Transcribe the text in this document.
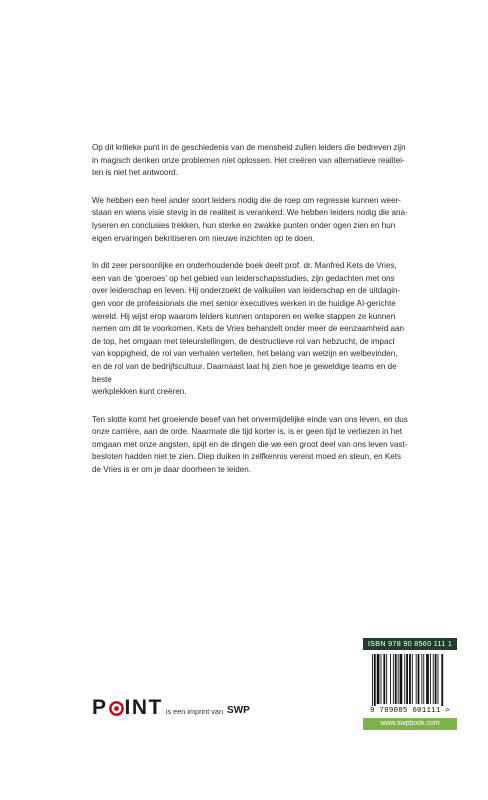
Op dit kritieke punt in de geschiedenis van de mensheid zullen leiders die bedreven zijn
in magisch denken onze problemen niet oplossen. Het creëren van alternatieve realitei-
ten is niet het antwoord.

We hebben een heel ander soort leiders nodig die de roep om regressie kunnen weer-
staan en wiens visie stevig in de realiteit is verankerd. We hebben leiders nodig die ana-
lyseren en conclusies trekken, hun sterke en zwakke punten onder ogen zien en hun
eigen ervaringen bekritiseren om nieuwe inzichten op te doen.

In dit zeer persoonlijke en onderhoudende boek deelt prof. dr. Manfred Kets de Vries,
een van de ‘goeroes’ op het gebied van leiderschapsstudies, zijn gedachten met ons
over leiderschap en leven. Hij onderzoekt de valkuilen van leiderschap en de uitdagin-
gen voor de professionals die met senior executives werken in de huidige AI-gerichte
wereld. Hij wijst erop waarom leiders kunnen ontsporen en welke stappen ze kunnen
nemen om dit te voorkomen. Kets de Vries behandelt onder meer de eenzaamheid aan
de top, het omgaan met teleurstellingen, de destructieve rol van hebzucht, de impact
van koppigheid, de rol van verhalen vertellen, het belang van welzijn en welbevinden,
en de rol van de bedrijfscultuur. Daarnaast laat hij zien hoe je geweldige teams en de beste
werkplekken kunt creëren.

Ten slotte komt het groeiende besef van het onvermijdelijke einde van ons leven, en dus
onze carrière, aan de orde. Naarmate die tijd korter is, is er geen tijd te verliezen in het
omgaan met onze angsten, spijt en de dingen die we een groot deel van ons leven vast-
besloten hadden niet te zien. Diep duiken in zelfkennis vereist moed en steun, en Kets
de Vries is er om je daar doorheen te leiden.

P INT is een imprint van SWP
ISBN 978 90 8560 111 1
9 789085 601111 >
www.swpbook.com
